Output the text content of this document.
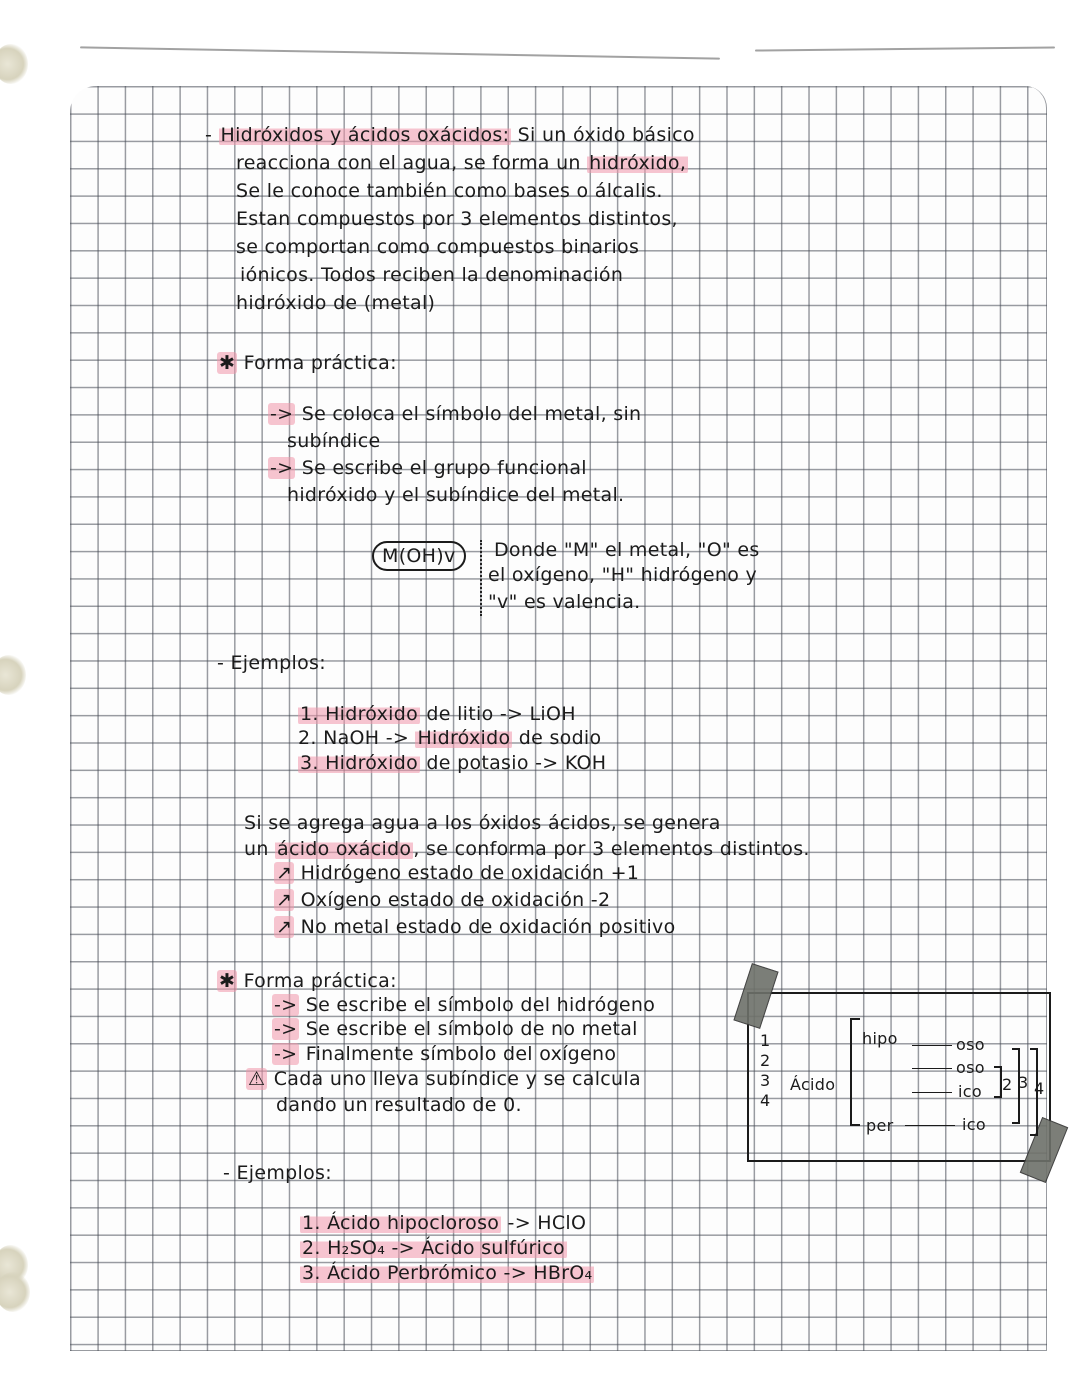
- Hidróxidos y ácidos oxácidos: Si un óxido básico
reacciona con el agua, se forma un hidróxido,
Se le conoce también como bases o álcalis.
Estan compuestos por 3 elementos distintos,
se comportan como compuestos binarios
iónicos. Todos reciben la denominación
hidróxido de (metal)
✱ Forma práctica:
-> Se coloca el símbolo del metal, sin
subíndice
-> Se escribe el grupo funcional
hidróxido y el subíndice del metal.
M(OH)v	Donde "M" el metal, "O" es
el oxígeno, "H" hidrógeno y
"v" es valencia.
- Ejemplos:
1. Hidróxido de litio -> LiOH
2. NaOH -> Hidróxido de sodio
3. Hidróxido de potasio -> KOH
Si se agrega agua a los óxidos ácidos, se genera
un ácido oxácido , se conforma por 3 elementos distintos.
↗ Hidrógeno estado de oxidación +1
↗ Oxígeno estado de oxidación -2
↗ No metal estado de oxidación positivo
✱ Forma práctica:
-> Se escribe el símbolo del hidrógeno
-> Se escribe el símbolo de no metal
-> Finalmente símbolo del oxígeno
⚠ Cada uno lleva subíndice y se calcula
dando un resultado de 0.
1
2
3
4
Ácido
hipo
per
oso
oso
ico
ico
2 3 4
- Ejemplos:
1. Ácido hipocloroso -> HClO
2. H₂SO₄ -> Ácido sulfúrico
3. Ácido Perbrómico -> HBrO₄
